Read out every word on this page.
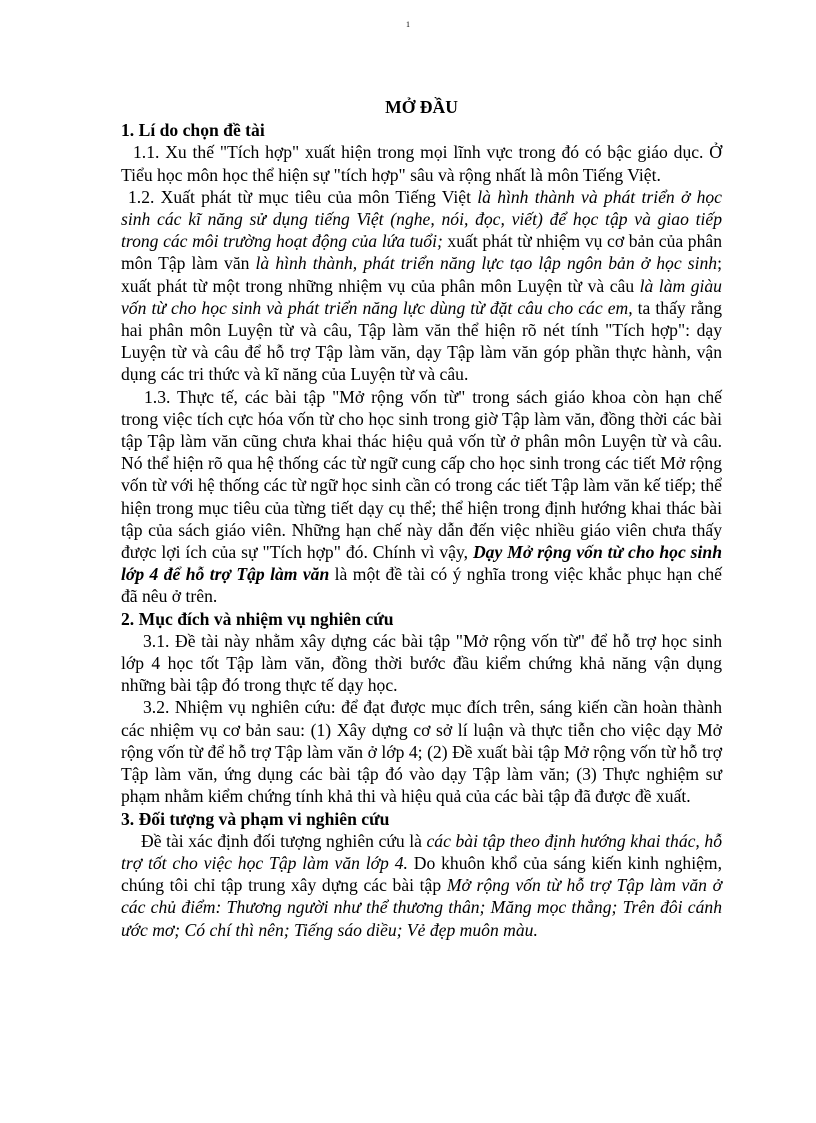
1

MỞ ĐẦU

1. Lí do chọn đề tài

1.1. Xu thế "Tích hợp" xuất hiện trong mọi lĩnh vực trong đó có bậc giáo dục. Ở Tiểu học môn học thể hiện sự "tích hợp" sâu và rộng nhất là môn Tiếng Việt.

1.2. Xuất phát từ mục tiêu của môn Tiếng Việt là hình thành và phát triển ở học sinh các kĩ năng sử dụng tiếng Việt (nghe, nói, đọc, viết) để học tập và giao tiếp trong các môi trường hoạt động của lứa tuổi; xuất phát từ nhiệm vụ cơ bản của phân môn Tập làm văn là hình thành, phát triển năng lực tạo lập ngôn bản ở học sinh; xuất phát từ một trong những nhiệm vụ của phân môn Luyện từ và câu là làm giàu vốn từ cho học sinh và phát triển năng lực dùng từ đặt câu cho các em, ta thấy rằng hai phân môn Luyện từ và câu, Tập làm văn thể hiện rõ nét tính "Tích hợp": dạy Luyện từ và câu để hỗ trợ Tập làm văn, dạy Tập làm văn góp phần thực hành, vận dụng các tri thức và kĩ năng của Luyện từ và câu.

1.3. Thực tế, các bài tập "Mở rộng vốn từ" trong sách giáo khoa còn hạn chế trong việc tích cực hóa vốn từ cho học sinh trong giờ Tập làm văn, đồng thời các bài tập Tập làm văn cũng chưa khai thác hiệu quả vốn từ ở phân môn Luyện từ và câu. Nó thể hiện rõ qua hệ thống các từ ngữ cung cấp cho học sinh trong các tiết Mở rộng vốn từ với hệ thống các từ ngữ học sinh cần có trong các tiết Tập làm văn kế tiếp; thể hiện trong mục tiêu của từng tiết dạy cụ thể; thể hiện trong định hướng khai thác bài tập của sách giáo viên. Những hạn chế này dẫn đến việc nhiều giáo viên chưa thấy được lợi ích của sự "Tích hợp" đó. Chính vì vậy, Dạy Mở rộng vốn từ cho học sinh lớp 4 để hỗ trợ Tập làm văn là một đề tài có ý nghĩa trong việc khắc phục hạn chế đã nêu ở trên.

2. Mục đích và nhiệm vụ nghiên cứu

3.1. Đề tài này nhằm xây dựng các bài tập "Mở rộng vốn từ" để hỗ trợ học sinh lớp 4 học tốt Tập làm văn, đồng thời bước đầu kiểm chứng khả năng vận dụng những bài tập đó trong thực tế dạy học.

3.2. Nhiệm vụ nghiên cứu: để đạt được mục đích trên, sáng kiến cần hoàn thành các nhiệm vụ cơ bản sau: (1) Xây dựng cơ sở lí luận và thực tiễn cho việc dạy Mở rộng vốn từ để hỗ trợ Tập làm văn ở lớp 4; (2) Đề xuất bài tập Mở rộng vốn từ hỗ trợ Tập làm văn, ứng dụng các bài tập đó vào dạy Tập làm văn; (3) Thực nghiệm sư phạm nhằm kiểm chứng tính khả thi và hiệu quả của các bài tập đã được đề xuất.

3. Đối tượng và phạm vi nghiên cứu

Đề tài xác định đối tượng nghiên cứu là các bài tập theo định hướng khai thác, hỗ trợ tốt cho việc học Tập làm văn lớp 4. Do khuôn khổ của sáng kiến kinh nghiệm, chúng tôi chỉ tập trung xây dựng các bài tập Mở rộng vốn từ hỗ trợ Tập làm văn ở các chủ điểm: Thương người như thể thương thân; Măng mọc thẳng; Trên đôi cánh ước mơ; Có chí thì nên; Tiếng sáo diều; Vẻ đẹp muôn màu.
